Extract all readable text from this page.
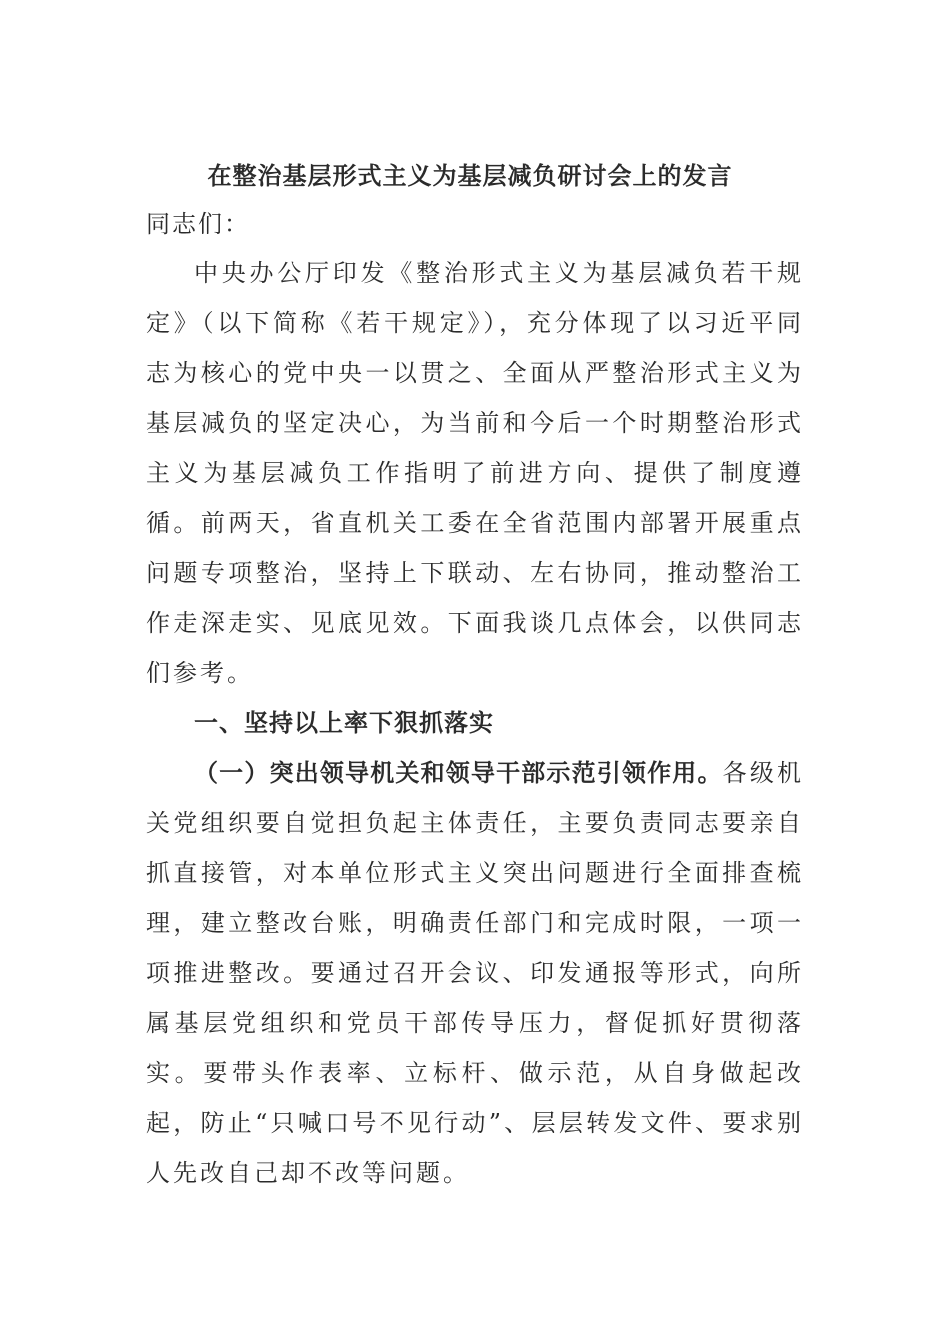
在整治基层形式主义为基层减负研讨会上的发言

同志们：

中央办公厅印发《整治形式主义为基层减负若干规定》（以下简称《若干规定》），充分体现了以习近平同志为核心的党中央一以贯之、全面从严整治形式主义为基层减负的坚定决心，为当前和今后一个时期整治形式主义为基层减负工作指明了前进方向、提供了制度遵循。前两天，省直机关工委在全省范围内部署开展重点问题专项整治，坚持上下联动、左右协同，推动整治工作走深走实、见底见效。下面我谈几点体会，以供同志们参考。

一、坚持以上率下狠抓落实

（一）突出领导机关和领导干部示范引领作用。各级机关党组织要自觉担负起主体责任，主要负责同志要亲自抓直接管，对本单位形式主义突出问题进行全面排查梳理，建立整改台账，明确责任部门和完成时限，一项一项推进整改。要通过召开会议、印发通报等形式，向所属基层党组织和党员干部传导压力，督促抓好贯彻落实。要带头作表率、立标杆、做示范，从自身做起改起，防止“只喊口号不见行动”、层层转发文件、要求别人先改自己却不改等问题。
